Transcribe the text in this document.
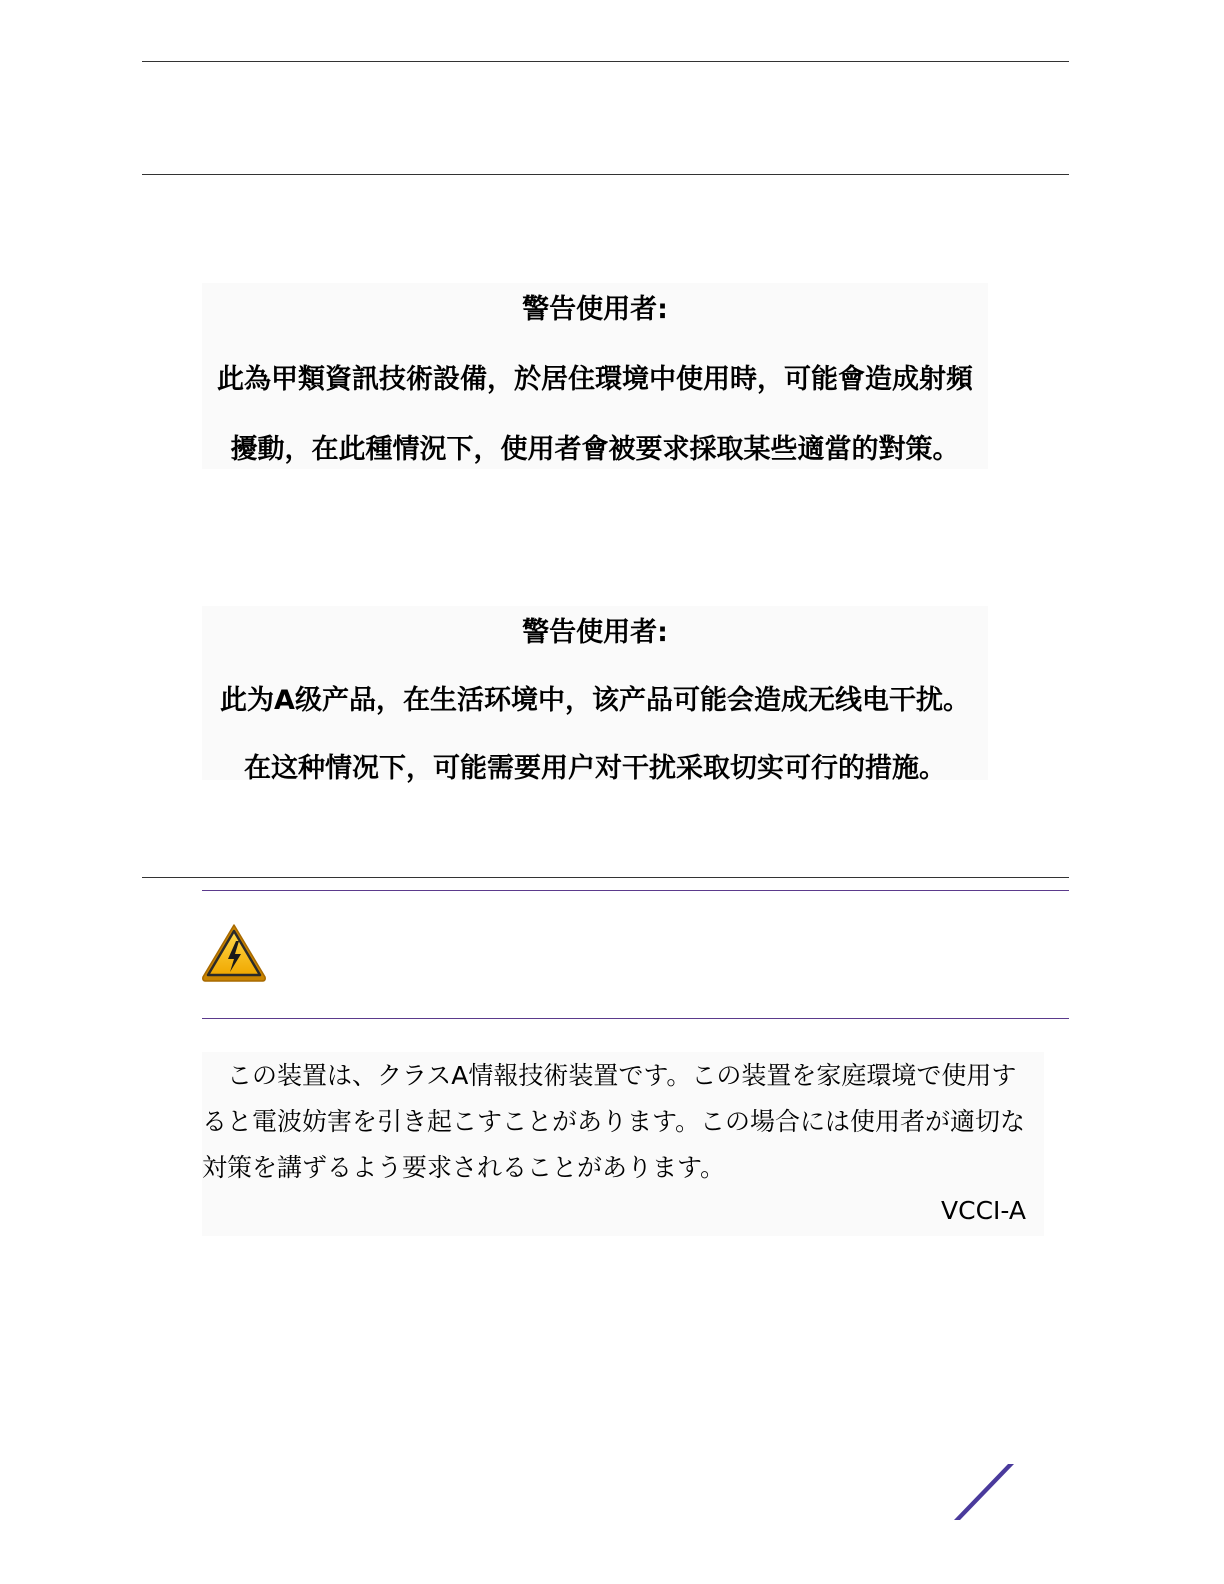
警告使用者:
此為甲類資訊技術設備，於居住環境中使用時，可能會造成射頻
擾動，在此種情況下，使用者會被要求採取某些適當的對策。
警告使用者:
此为A级产品，在生活环境中，该产品可能会造成无线电干扰。
在这种情况下，可能需要用户对干扰采取切实可行的措施。
　この装置は、クラスA情報技術装置です。この装置を家庭環境で使用す
ると電波妨害を引き起こすことがあります。この場合には使用者が適切な
対策を講ずるよう要求されることがあります。
VCCI-A
